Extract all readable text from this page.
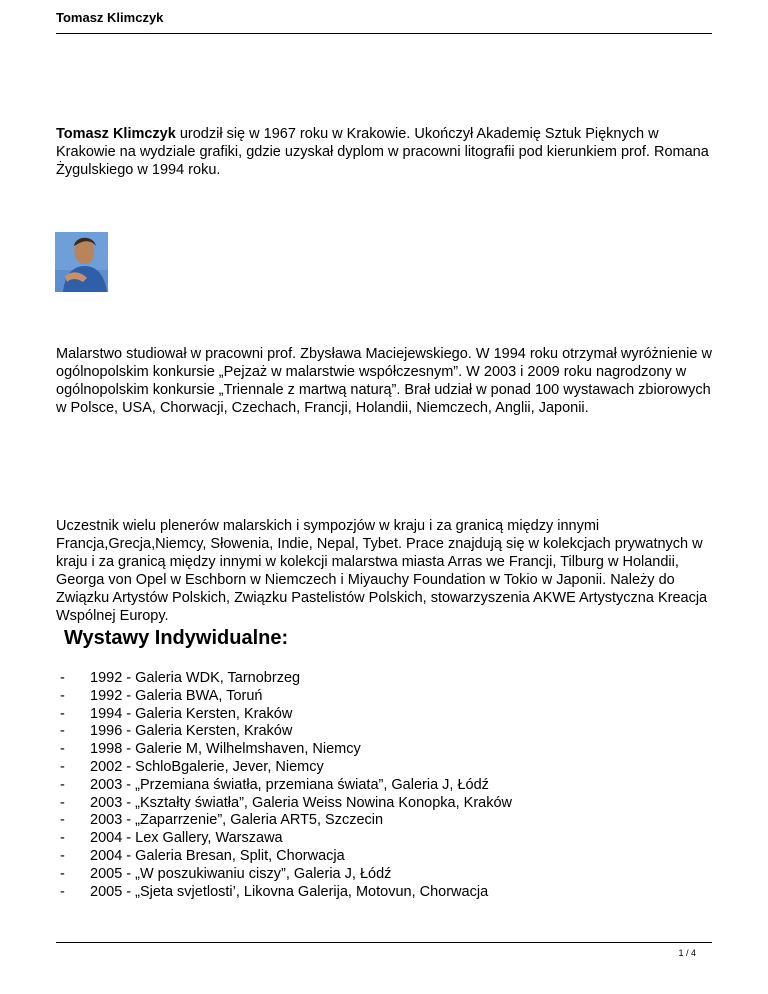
Tomasz Klimczyk

Tomasz Klimczyk urodził się w 1967 roku w Krakowie. Ukończył Akademię Sztuk Pięknych w Krakowie na wydziale grafiki, gdzie uzyskał dyplom w pracowni litografii pod kierunkiem prof. Romana Żygulskiego w 1994 roku.

Malarstwo studiował w pracowni prof. Zbysława Maciejewskiego. W 1994 roku otrzymał wyróżnienie w ogólnopolskim konkursie „Pejzaż w malarstwie współczesnym”. W 2003 i 2009 roku nagrodzony w ogólnopolskim konkursie „Triennale z martwą naturą”. Brał udział w ponad 100 wystawach zbiorowych w Polsce, USA, Chorwacji, Czechach, Francji, Holandii, Niemczech, Anglii, Japonii.

Uczestnik wielu plenerów malarskich i sympozjów w kraju i za granicą między innymi Francja,Grecja,Niemcy, Słowenia, Indie, Nepal, Tybet. Prace znajdują się w kolekcjach prywatnych w kraju i za granicą między innymi w kolekcji malarstwa miasta Arras we Francji, Tilburg w Holandii, Georga von Opel w Eschborn w Niemczech i Miyauchy Foundation w Tokio w Japonii. Należy do Związku Artystów Polskich, Związku Pastelistów Polskich, stowarzyszenia AKWE Artystyczna Kreacja Wspólnej Europy.

Wystawy Indywidualne:
- 1992 - Galeria WDK, Tarnobrzeg
- 1992 - Galeria BWA, Toruń
- 1994 - Galeria Kersten, Kraków
- 1996 - Galeria Kersten, Kraków
- 1998 - Galerie M, Wilhelmshaven, Niemcy
- 2002 - SchloBgalerie, Jever, Niemcy
- 2003 - „Przemiana światła, przemiana świata”, Galeria J, Łódź
- 2003 - „Kształty światła”, Galeria Weiss Nowina Konopka, Kraków
- 2003 - „Zaparrzenie”, Galeria ART5, Szczecin
- 2004 - Lex Gallery, Warszawa
- 2004 - Galeria Bresan, Split, Chorwacja
- 2005 - „W poszukiwaniu ciszy”, Galeria J, Łódź
- 2005 - „Sjeta svjetlosti’, Likovna Galerija, Motovun, Chorwacja
1 / 4
